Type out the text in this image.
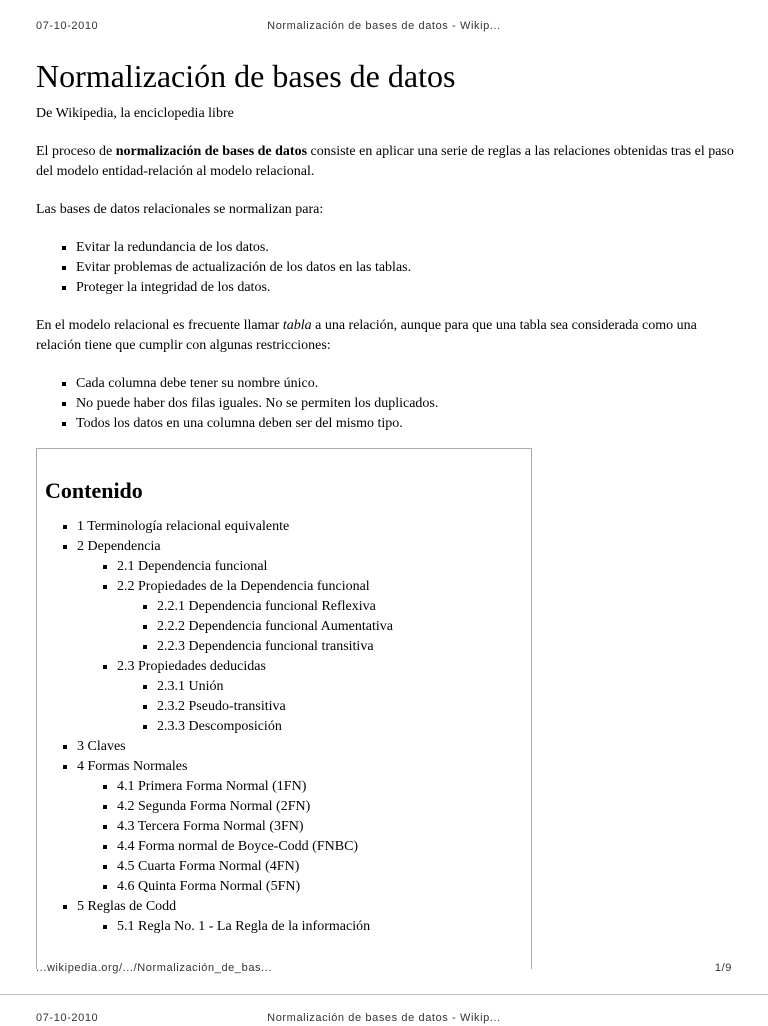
07-10-2010	Normalización de bases de datos - Wikip...
Normalización de bases de datos

De Wikipedia, la enciclopedia libre

El proceso de normalización de bases de datos consiste en aplicar una serie de reglas a las relaciones obtenidas tras el paso del modelo entidad-relación al modelo relacional.

Las bases de datos relacionales se normalizan para:

▪ Evitar la redundancia de los datos.
▪ Evitar problemas de actualización de los datos en las tablas.
▪ Proteger la integridad de los datos.

En el modelo relacional es frecuente llamar tabla a una relación, aunque para que una tabla sea considerada como una relación tiene que cumplir con algunas restricciones:

▪ Cada columna debe tener su nombre único.
▪ No puede haber dos filas iguales. No se permiten los duplicados.
▪ Todos los datos en una columna deben ser del mismo tipo.
Contenido
▪ 1 Terminología relacional equivalente
▪ 2 Dependencia
▪ 2.1 Dependencia funcional
▪ 2.2 Propiedades de la Dependencia funcional
▪ 2.2.1 Dependencia funcional Reflexiva
▪ 2.2.2 Dependencia funcional Aumentativa
▪ 2.2.3 Dependencia funcional transitiva
▪ 2.3 Propiedades deducidas
▪ 2.3.1 Unión
▪ 2.3.2 Pseudo-transitiva
▪ 2.3.3 Descomposición
▪ 3 Claves
▪ 4 Formas Normales
▪ 4.1 Primera Forma Normal (1FN)
▪ 4.2 Segunda Forma Normal (2FN)
▪ 4.3 Tercera Forma Normal (3FN)
▪ 4.4 Forma normal de Boyce-Codd (FNBC)
▪ 4.5 Cuarta Forma Normal (4FN)
▪ 4.6 Quinta Forma Normal (5FN)
▪ 5 Reglas de Codd
▪ 5.1 Regla No. 1 - La Regla de la información
...wikipedia.org/.../Normalización_de_bas...	1/9
07-10-2010	Normalización de bases de datos - Wikip...
